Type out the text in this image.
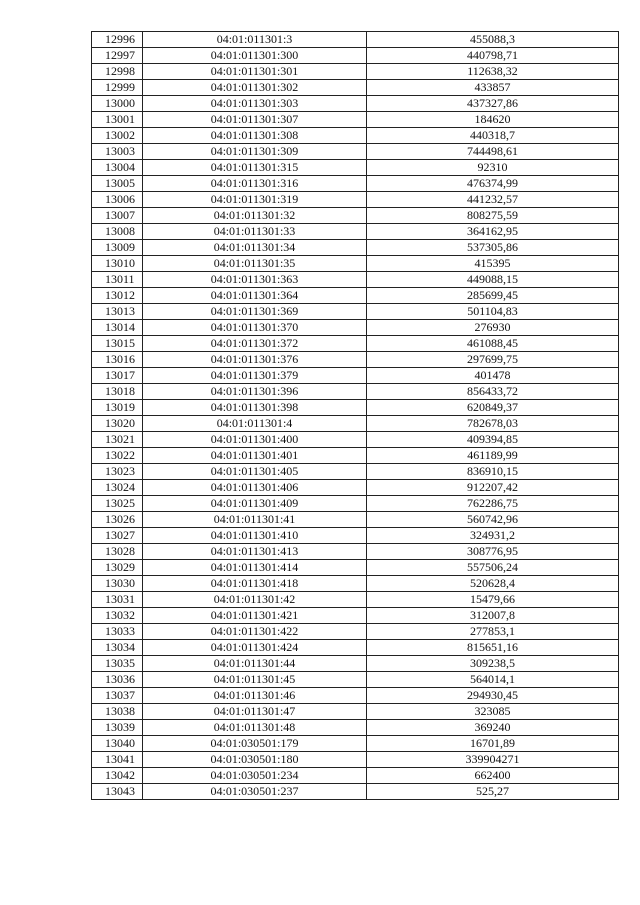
12996	04:01:011301:3	455088,3
12997	04:01:011301:300	440798,71
12998	04:01:011301:301	112638,32
12999	04:01:011301:302	433857
13000	04:01:011301:303	437327,86
13001	04:01:011301:307	184620
13002	04:01:011301:308	440318,7
13003	04:01:011301:309	744498,61
13004	04:01:011301:315	92310
13005	04:01:011301:316	476374,99
13006	04:01:011301:319	441232,57
13007	04:01:011301:32	808275,59
13008	04:01:011301:33	364162,95
13009	04:01:011301:34	537305,86
13010	04:01:011301:35	415395
13011	04:01:011301:363	449088,15
13012	04:01:011301:364	285699,45
13013	04:01:011301:369	501104,83
13014	04:01:011301:370	276930
13015	04:01:011301:372	461088,45
13016	04:01:011301:376	297699,75
13017	04:01:011301:379	401478
13018	04:01:011301:396	856433,72
13019	04:01:011301:398	620849,37
13020	04:01:011301:4	782678,03
13021	04:01:011301:400	409394,85
13022	04:01:011301:401	461189,99
13023	04:01:011301:405	836910,15
13024	04:01:011301:406	912207,42
13025	04:01:011301:409	762286,75
13026	04:01:011301:41	560742,96
13027	04:01:011301:410	324931,2
13028	04:01:011301:413	308776,95
13029	04:01:011301:414	557506,24
13030	04:01:011301:418	520628,4
13031	04:01:011301:42	15479,66
13032	04:01:011301:421	312007,8
13033	04:01:011301:422	277853,1
13034	04:01:011301:424	815651,16
13035	04:01:011301:44	309238,5
13036	04:01:011301:45	564014,1
13037	04:01:011301:46	294930,45
13038	04:01:011301:47	323085
13039	04:01:011301:48	369240
13040	04:01:030501:179	16701,89
13041	04:01:030501:180	339904271
13042	04:01:030501:234	662400
13043	04:01:030501:237	525,27
